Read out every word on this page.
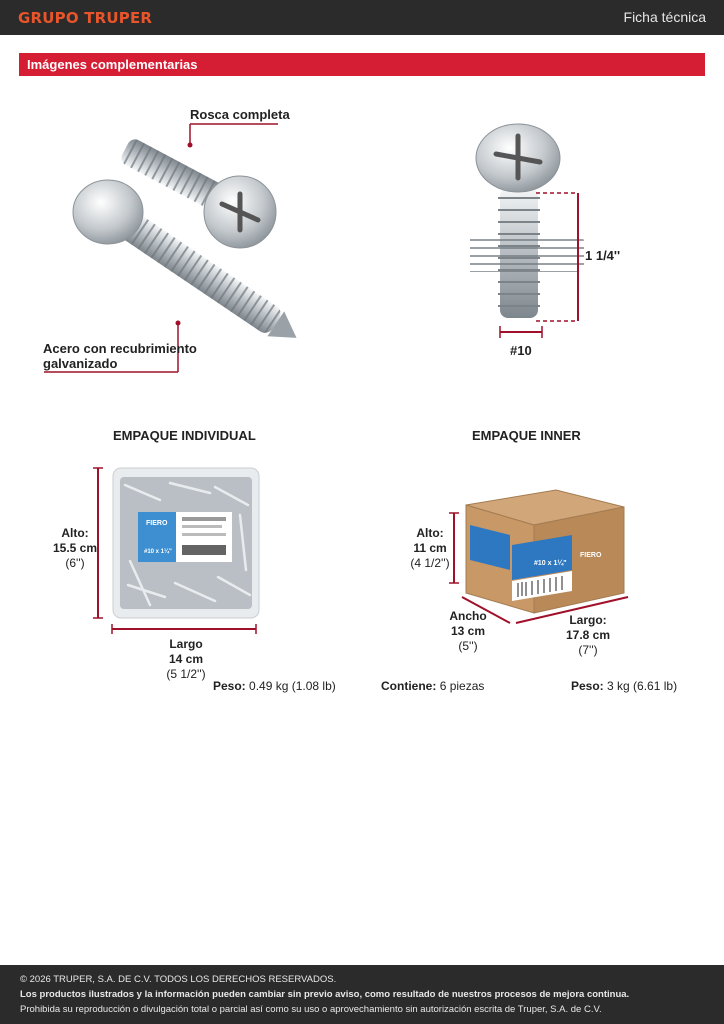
GRUPO TRUPER	Ficha técnica
Imágenes complementarias
Rosca completa
Acero con recubrimiento
galvanizado
1 1/4''
#10
EMPAQUE INDIVIDUAL
FIERO
#10 x 1¼"
Alto:
15.5 cm
(6'')
Largo
14 cm
(5 1/2'')
Peso: 0.49 kg (1.08 lb)
EMPAQUE INNER
#10 x 1¼"
FIERO
Alto:
11 cm
(4 1/2'')
Ancho
13 cm
(5'')
Largo:
17.8 cm
(7'')
Contiene: 6 piezas	Peso: 3 kg (6.61 lb)
© 2026 TRUPER, S.A. DE C.V. TODOS LOS DERECHOS RESERVADOS.
Los productos ilustrados y la información pueden cambiar sin previo aviso, como resultado de nuestros procesos de mejora continua.
Prohibida su reproducción o divulgación total o parcial así como su uso o aprovechamiento sin autorización escrita de Truper, S.A. de C.V.
